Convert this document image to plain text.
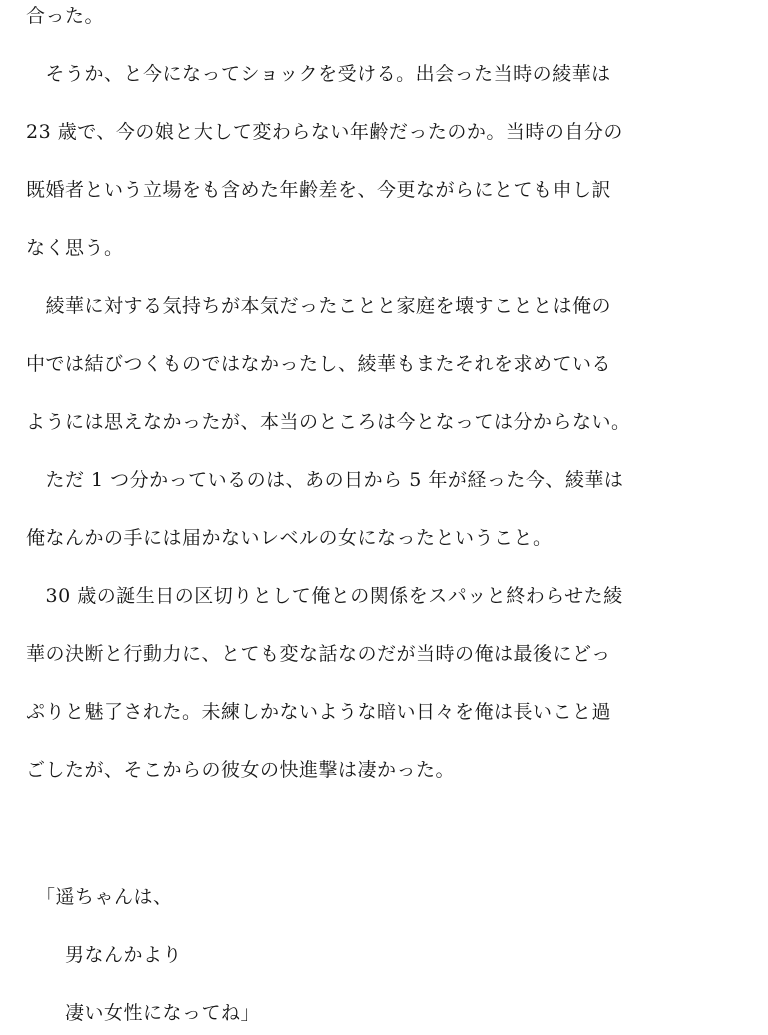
合った。
　そうか、と今になってショックを受ける。出会った当時の綾華は
23 歳で、今の娘と大して変わらない年齢だったのか。当時の自分の
既婚者という立場をも含めた年齢差を、今更ながらにとても申し訳
なく思う。
　綾華に対する気持ちが本気だったことと家庭を壊すこととは俺の
中では結びつくものではなかったし、綾華もまたそれを求めている
ようには思えなかったが、本当のところは今となっては分からない。
　ただ 1 つ分かっているのは、あの日から 5 年が経った今、綾華は
俺なんかの手には届かないレベルの女になったということ。
　30 歳の誕生日の区切りとして俺との関係をスパッと終わらせた綾
華の決断と行動力に、とても変な話なのだが当時の俺は最後にどっ
ぷりと魅了された。未練しかないような暗い日々を俺は長いこと過
ごしたが、そこからの彼女の快進撃は凄かった。
　「遥ちゃんは、
　　男なんかより
　　凄い女性になってね」
